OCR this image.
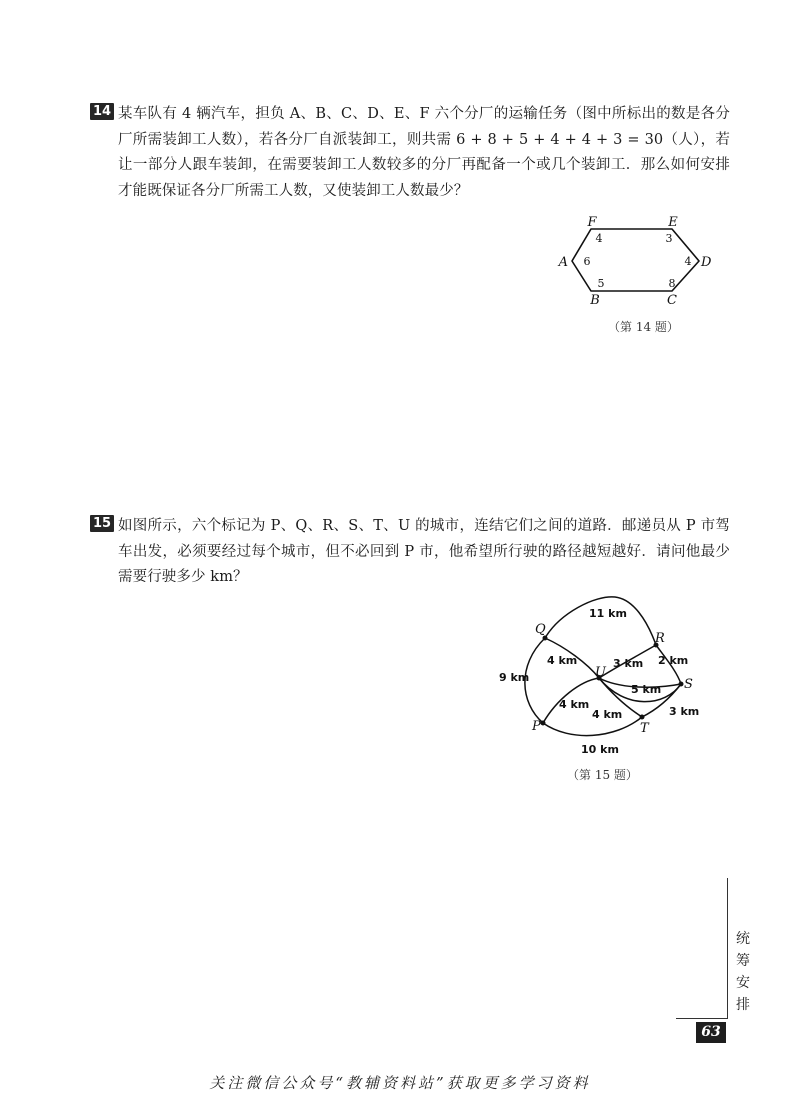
14 某车队有 4 辆汽车，担负 A、B、C、D、E、F 六个分厂的运输任务（图中所标出的数是各分厂所需装卸工人数），若各分厂自派装卸工，则共需 6 + 8 + 5 + 4 + 4 + 3 = 30（人），若让一部分人跟车装卸，在需要装卸工人数较多的分厂再配备一个或几个装卸工．那么如何安排才能既保证各分厂所需工人数，又使装卸工人数最少？

F	E
A	D
B	C
4	3
6	4
5	8
（第 14 题）
15 如图所示，六个标记为 P、Q、R、S、T、U 的城市，连结它们之间的道路．邮递员从 P 市驾车出发，必须要经过每个城市，但不必回到 P 市，他希望所行驶的路径越短越好．请问他最少需要行驶多少 km？

Q
R
U
S
P	T
11 km
4 km
9 km
3 km 2 km
5 km
4 km
4 km	3 km
10 km
（第 15 题）
统
筹
安
排
63
关注微信公众号“教辅资料站”获取更多学习资料
